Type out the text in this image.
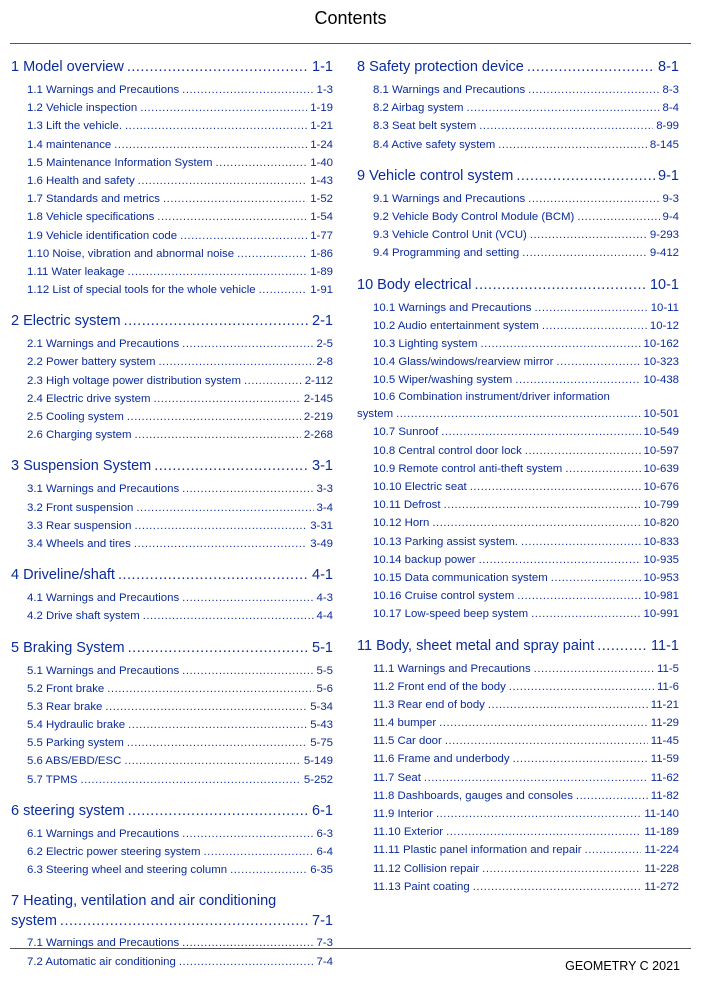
Contents
1 Model overview .....	1-1
1.1 Warnings and Precautions .....	1-3
1.2 Vehicle inspection .....	1-19
1.3 Lift the vehicle. .....	1-21
1.4 maintenance .....	1-24
1.5 Maintenance Information System .....	1-40
1.6 Health and safety .....	1-43
1.7 Standards and metrics .....	1-52
1.8 Vehicle specifications .....	1-54
1.9 Vehicle identification code .....	1-77
1.10 Noise, vibration and abnormal noise .....	1-86
1.11 Water leakage .....	1-89
1.12 List of special tools for the whole vehicle .....	1-91
2 Electric system .....	2-1
2.1 Warnings and Precautions .....	2-5
2.2 Power battery system .....	2-8
2.3 High voltage power distribution system .....	2-112
2.4 Electric drive system .....	2-145
2.5 Cooling system .....	2-219
2.6 Charging system .....	2-268
3 Suspension System .....	3-1
3.1 Warnings and Precautions .....	3-3
3.2 Front suspension .....	3-4
3.3 Rear suspension .....	3-31
3.4 Wheels and tires .....	3-49
4 Driveline/shaft .....	4-1
4.1 Warnings and Precautions .....	4-3
4.2 Drive shaft system .....	4-4
5 Braking System .....	5-1
5.1 Warnings and Precautions .....	5-5
5.2 Front brake .....	5-6
5.3 Rear brake .....	5-34
5.4 Hydraulic brake .....	5-43
5.5 Parking system .....	5-75
5.6 ABS/EBD/ESC .....	5-149
5.7 TPMS .....	5-252
6 steering system .....	6-1
6.1 Warnings and Precautions .....	6-3
6.2 Electric power steering system .....	6-4
6.3 Steering wheel and steering column .....	6-35
7 Heating, ventilation and air conditioning
system .....	7-1
7.1 Warnings and Precautions .....	7-3
7.2 Automatic air conditioning .....	7-4
8 Safety protection device .....	8-1
8.1 Warnings and Precautions .....	8-3
8.2 Airbag system .....	8-4
8.3 Seat belt system .....	8-99
8.4 Active safety system .....	8-145
9 Vehicle control system .....	9-1
9.1 Warnings and Precautions .....	9-3
9.2 Vehicle Body Control Module (BCM) .....	9-4
9.3 Vehicle Control Unit (VCU) .....	9-293
9.4 Programming and setting .....	9-412
10 Body electrical .....	10-1
10.1 Warnings and Precautions .....	10-11
10.2 Audio entertainment system .....	10-12
10.3 Lighting system .....	10-162
10.4 Glass/windows/rearview mirror .....	10-323
10.5 Wiper/washing system .....	10-438
10.6 Combination instrument/driver information
system .....	10-501
10.7 Sunroof .....	10-549
10.8 Central control door lock .....	10-597
10.9 Remote control anti-theft system .....	10-639
10.10 Electric seat .....	10-676
10.11 Defrost .....	10-799
10.12 Horn .....	10-820
10.13 Parking assist system. .....	10-833
10.14 backup power .....	10-935
10.15 Data communication system .....	10-953
10.16 Cruise control system .....	10-981
10.17 Low-speed beep system .....	10-991
11 Body, sheet metal and spray paint .....	11-1
11.1 Warnings and Precautions .....	11-5
11.2 Front end of the body .....	11-6
11.3 Rear end of body .....	11-21
11.4 bumper .....	11-29
11.5 Car door .....	11-45
11.6 Frame and underbody .....	11-59
11.7 Seat .....	11-62
11.8 Dashboards, gauges and consoles .....	11-82
11.9 Interior .....	11-140
11.10 Exterior .....	11-189
11.11 Plastic panel information and repair .....	11-224
11.12 Collision repair .....	11-228
11.13 Paint coating .....	11-272
GEOMETRY C 2021
